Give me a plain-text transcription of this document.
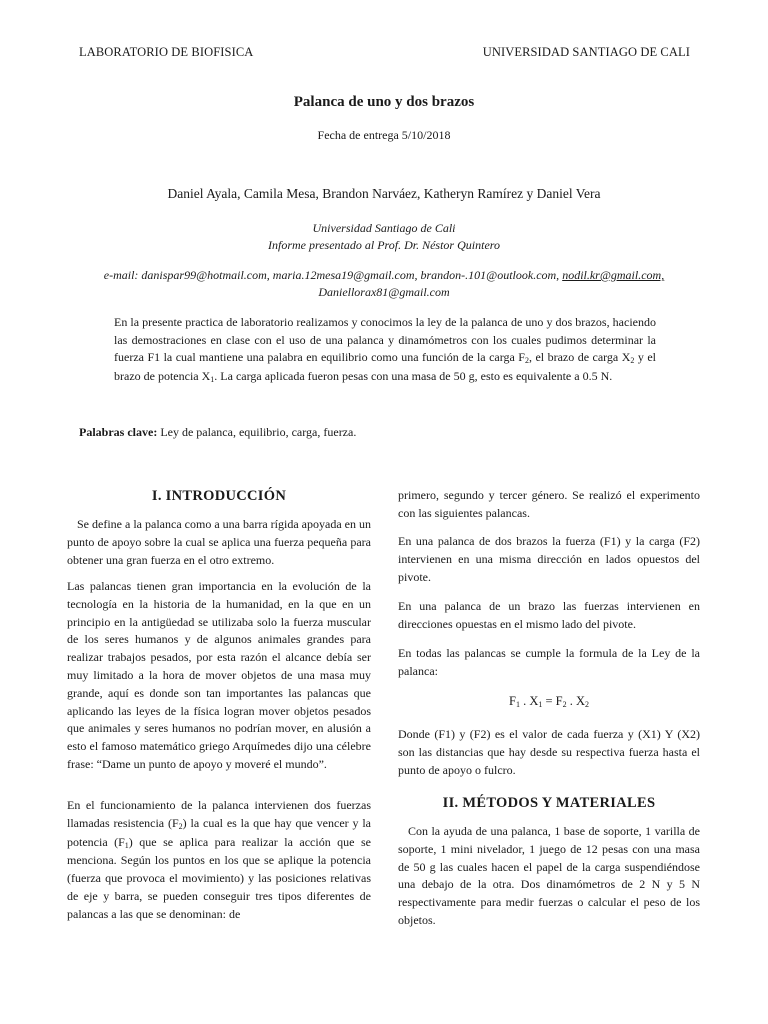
LABORATORIO DE BIOFISICA	UNIVERSIDAD SANTIAGO DE CALI
Palanca de uno y dos brazos
Fecha de entrega 5/10/2018
Daniel Ayala, Camila Mesa, Brandon Narváez, Katheryn Ramírez y Daniel Vera
Universidad Santiago de Cali
Informe presentado al Prof. Dr. Néstor Quintero
e-mail: danispar99@hotmail.com, maria.12mesa19@gmail.com, brandon-.101@outlook.com, nodil.kr@gmail.com,
Daniellorax81@gmail.com
En la presente practica de laboratorio realizamos y conocimos la ley de la palanca de uno y dos brazos, haciendo las demostraciones en clase con el uso de una palanca y dinamómetros con los cuales pudimos determinar la fuerza F1 la cual mantiene una palabra en equilibrio como una función de la carga $F_2$, el brazo de carga $X_2$ y el brazo de potencia $X_1$. La carga aplicada fueron pesas con una masa de 50 g, esto es equivalente a 0.5 N.
Palabras clave: Ley de palanca, equilibrio, carga, fuerza.
I. INTRODUCCIÓN

Se define a la palanca como a una barra rígida apoyada en un punto de apoyo sobre la cual se aplica una fuerza pequeña para obtener una gran fuerza en el otro extremo.

Las palancas tienen gran importancia en la evolución de la tecnología en la historia de la humanidad, en la que en un principio en la antigüedad se utilizaba solo la fuerza muscular de los seres humanos y de algunos animales grandes para realizar trabajos pesados, por esta razón el alcance debía ser muy limitado a la hora de mover objetos de una masa muy grande, aquí es donde son tan importantes las palancas que aplicando las leyes de la física logran mover objetos pesados que animales y seres humanos no podrían mover, en alusión a esto el famoso matemático griego Arquímedes dijo una célebre frase: “Dame un punto de apoyo y moveré el mundo”.

En el funcionamiento de la palanca intervienen dos fuerzas llamadas resistencia $(F_2)$ la cual es la que hay que vencer y la potencia $(F_1)$ que se aplica para realizar la acción que se menciona. Según los puntos en los que se aplique la potencia (fuerza que provoca el movimiento) y las posiciones relativas de eje y barra, se pueden conseguir tres tipos diferentes de palancas a las que se denominan: de

primero, segundo y tercer género. Se realizó el experimento con las siguientes palancas.

En una palanca de dos brazos la fuerza (F1) y la carga (F2) intervienen en una misma dirección en lados opuestos del pivote.

En una palanca de un brazo las fuerzas intervienen en direcciones opuestas en el mismo lado del pivote.

En todas las palancas se cumple la formula de la Ley de la palanca:

$F_1$ . $X_1 = F_2$ . $X_2$

Donde (F1) y (F2) es el valor de cada fuerza y (X1) Y (X2) son las distancias que hay desde su respectiva fuerza hasta el punto de apoyo o fulcro.

II. MÉTODOS Y MATERIALES

Con la ayuda de una palanca, 1 base de soporte, 1 varilla de soporte, 1 mini nivelador, 1 juego de 12 pesas con una masa de 50 g las cuales hacen el papel de la carga suspendiéndose una debajo de la otra. Dos dinamómetros de 2 N y 5 N respectivamente para medir fuerzas o calcular el peso de los objetos.
